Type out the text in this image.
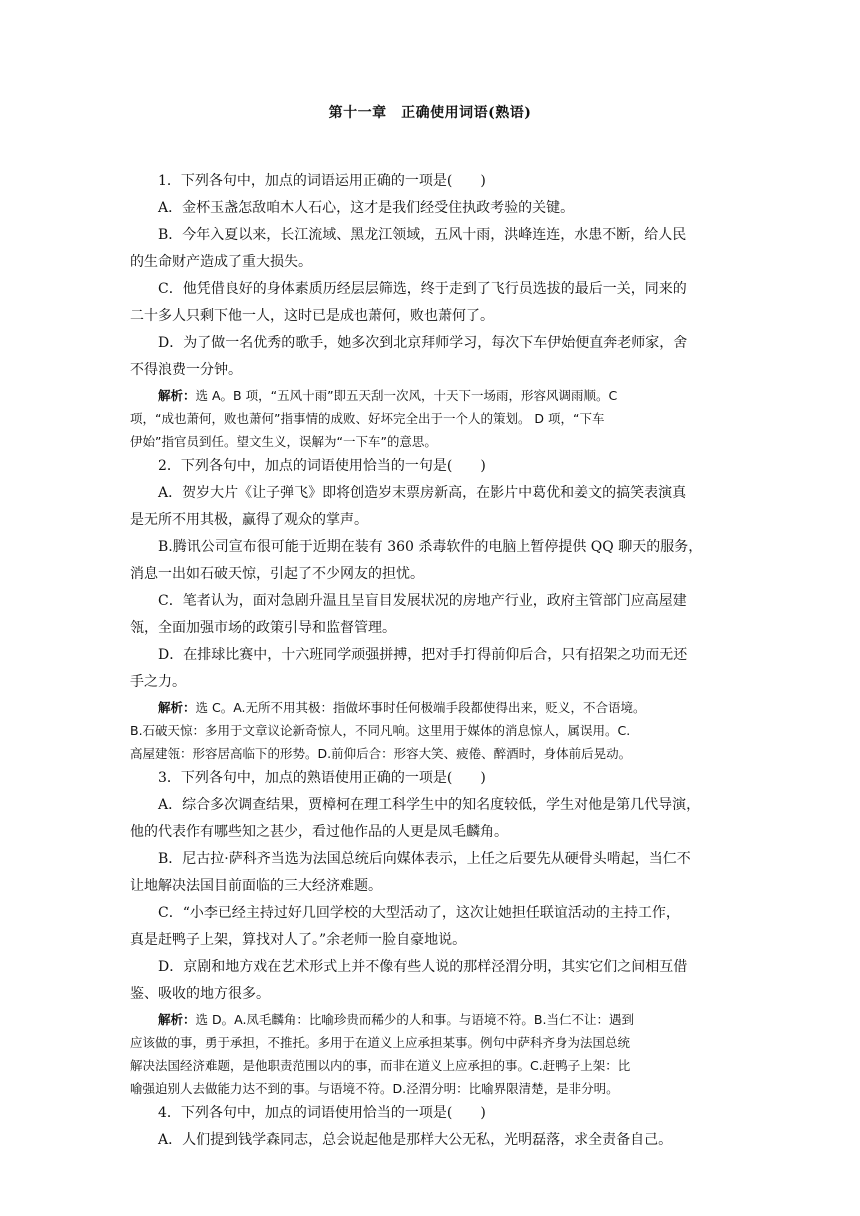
第十一章　正确使用词语(熟语)
1．下列各句中，加点的词语运用正确的一项是(　　)
A．金杯玉盏怎敌咱木人石心，这才是我们经受住执政考验的关键。
B．今年入夏以来，长江流域、黑龙江领域，五风十雨，洪峰连连，水患不断，给人民
的生命财产造成了重大损失。
C．他凭借良好的身体素质历经层层筛选，终于走到了飞行员选拔的最后一关，同来的
二十多人只剩下他一人，这时已是成也萧何，败也萧何了。
D．为了做一名优秀的歌手，她多次到北京拜师学习，每次下车伊始便直奔老师家，舍
不得浪费一分钟。
解析：选 A。B 项，“五风十雨”即五天刮一次风，十天下一场雨，形容风调雨顺。C
项，“成也萧何，败也萧何”指事情的成败、好坏完全出于一个人的策划。 D 项，“下车
伊始”指官员到任。望文生义，误解为“一下车”的意思。
2．下列各句中，加点的词语使用恰当的一句是(　　)
A．贺岁大片《让子弹飞》即将创造岁末票房新高，在影片中葛优和姜文的搞笑表演真
是无所不用其极，赢得了观众的掌声。
B.腾讯公司宣布很可能于近期在装有 360 杀毒软件的电脑上暂停提供 QQ 聊天的服务，
消息一出如石破天惊，引起了不少网友的担忧。
C．笔者认为，面对急剧升温且呈盲目发展状况的房地产行业，政府主管部门应高屋建
瓴，全面加强市场的政策引导和监督管理。
D．在排球比赛中，十六班同学顽强拼搏，把对手打得前仰后合，只有招架之功而无还
手之力。
解析：选 C。A.无所不用其极：指做坏事时任何极端手段都使得出来，贬义，不合语境。
B.石破天惊：多用于文章议论新奇惊人，不同凡响。这里用于媒体的消息惊人，属误用。C.
高屋建瓴：形容居高临下的形势。D.前仰后合：形容大笑、疲倦、醉酒时，身体前后晃动。
3．下列各句中，加点的熟语使用正确的一项是(　　)
A．综合多次调查结果，贾樟柯在理工科学生中的知名度较低，学生对他是第几代导演，
他的代表作有哪些知之甚少，看过他作品的人更是凤毛麟角。
B．尼古拉·萨科齐当选为法国总统后向媒体表示，上任之后要先从硬骨头啃起，当仁不
让地解决法国目前面临的三大经济难题。
C．“小李已经主持过好几回学校的大型活动了，这次让她担任联谊活动的主持工作，
真是赶鸭子上架，算找对人了。”余老师一脸自豪地说。
D．京剧和地方戏在艺术形式上并不像有些人说的那样泾渭分明，其实它们之间相互借
鉴、吸收的地方很多。
解析：选 D。A.凤毛麟角：比喻珍贵而稀少的人和事。与语境不符。B.当仁不让：遇到
应该做的事，勇于承担，不推托。多用于在道义上应承担某事。例句中萨科齐身为法国总统
解决法国经济难题，是他职责范围以内的事，而非在道义上应承担的事。C.赶鸭子上架：比
喻强迫别人去做能力达不到的事。与语境不符。D.泾渭分明：比喻界限清楚，是非分明。
4．下列各句中，加点的词语使用恰当的一项是(　　)
A．人们提到钱学森同志，总会说起他是那样大公无私，光明磊落，求全责备自己。
